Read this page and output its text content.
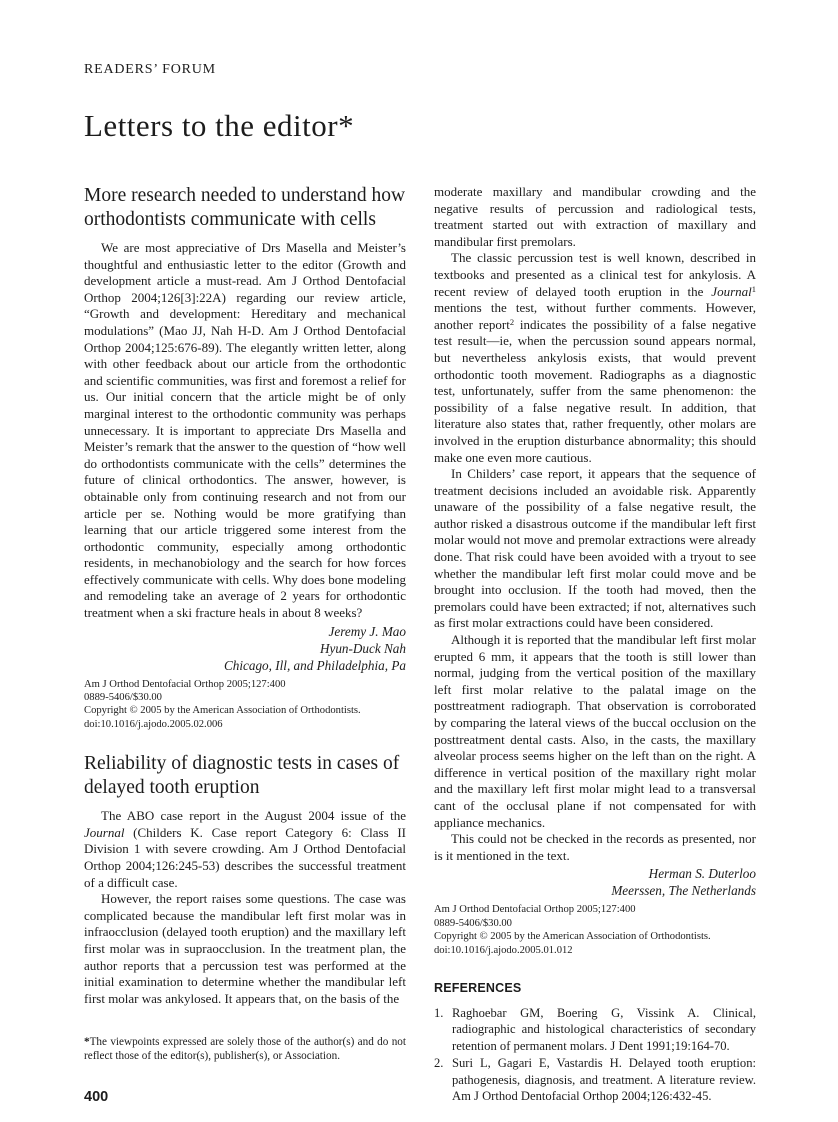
READERS’ FORUM
Letters to the editor*
More research needed to understand how orthodontists communicate with cells

We are most appreciative of Drs Masella and Meister’s thoughtful and enthusiastic letter to the editor (Growth and development article a must-read. Am J Orthod Dentofacial Orthop 2004;126[3]:22A) regarding our review article, “Growth and development: Hereditary and mechanical modulations” (Mao JJ, Nah H-D. Am J Orthod Dentofacial Orthop 2004;125:676-89). The elegantly written letter, along with other feedback about our article from the orthodontic and scientific communities, was first and foremost a relief for us. Our initial concern that the article might be of only marginal interest to the orthodontic community was perhaps unnecessary. It is important to appreciate Drs Masella and Meister’s remark that the answer to the question of “how well do orthodontists communicate with the cells” determines the future of clinical orthodontics. The answer, however, is obtainable only from continuing research and not from our article per se. Nothing would be more gratifying than learning that our article triggered some interest from the orthodontic community, especially among orthodontic residents, in mechanobiology and the search for how forces effectively communicate with cells. Why does bone modeling and remodeling take an average of 2 years for orthodontic treatment when a ski fracture heals in about 8 weeks?

Jeremy J. Mao
Hyun-Duck Nah
Chicago, Ill, and Philadelphia, Pa
Am J Orthod Dentofacial Orthop 2005;127:400
0889-5406/$30.00
Copyright © 2005 by the American Association of Orthodontists.
doi:10.1016/j.ajodo.2005.02.006
Reliability of diagnostic tests in cases of delayed tooth eruption

The ABO case report in the August 2004 issue of the Journal (Childers K. Case report Category 6: Class II Division 1 with severe crowding. Am J Orthod Dentofacial Orthop 2004;126:245-53) describes the successful treatment of a difficult case.

However, the report raises some questions. The case was complicated because the mandibular left first molar was in infraocclusion (delayed tooth eruption) and the maxillary left first molar was in supraocclusion. In the treatment plan, the author reports that a percussion test was performed at the initial examination to determine whether the mandibular left first molar was ankylosed. It appears that, on the basis of the

*The viewpoints expressed are solely those of the author(s) and do not reflect those of the editor(s), publisher(s), or Association.

400

moderate maxillary and mandibular crowding and the negative results of percussion and radiological tests, treatment started out with extraction of maxillary and mandibular first premolars.

The classic percussion test is well known, described in textbooks and presented as a clinical test for ankylosis. A recent review of delayed tooth eruption in the Journal$^1$ mentions the test, without further comments. However, another report$^2$ indicates the possibility of a false negative test result—ie, when the percussion sound appears normal, but nevertheless ankylosis exists, that would prevent orthodontic tooth movement. Radiographs as a diagnostic test, unfortunately, suffer from the same phenomenon: the possibility of a false negative result. In addition, that literature also states that, rather frequently, other molars are involved in the eruption disturbance abnormality; this should make one even more cautious.

In Childers’ case report, it appears that the sequence of treatment decisions included an avoidable risk. Apparently unaware of the possibility of a false negative result, the author risked a disastrous outcome if the mandibular left first molar would not move and premolar extractions were already done. That risk could have been avoided with a tryout to see whether the mandibular left first molar could move and be brought into occlusion. If the tooth had moved, then the premolars could have been extracted; if not, alternatives such as first molar extractions could have been considered.

Although it is reported that the mandibular left first molar erupted 6 mm, it appears that the tooth is still lower than normal, judging from the vertical position of the maxillary left first molar relative to the palatal image on the posttreatment radiograph. That observation is corroborated by comparing the lateral views of the buccal occlusion on the posttreatment dental casts. Also, in the casts, the maxillary alveolar process seems higher on the left than on the right. A difference in vertical position of the maxillary right molar and the maxillary left first molar might lead to a transversal cant of the occlusal plane if not compensated for with appliance mechanics.

This could not be checked in the records as presented, nor is it mentioned in the text.

Herman S. Duterloo
Meerssen, The Netherlands
Am J Orthod Dentofacial Orthop 2005;127:400
0889-5406/$30.00
Copyright © 2005 by the American Association of Orthodontists.
doi:10.1016/j.ajodo.2005.01.012
REFERENCES
1. Raghoebar GM, Boering G, Vissink A. Clinical, radiographic and histological characteristics of secondary retention of permanent molars. J Dent 1991;19:164-70.
2. Suri L, Gagari E, Vastardis H. Delayed tooth eruption: pathogenesis, diagnosis, and treatment. A literature review. Am J Orthod Dentofacial Orthop 2004;126:432-45.
